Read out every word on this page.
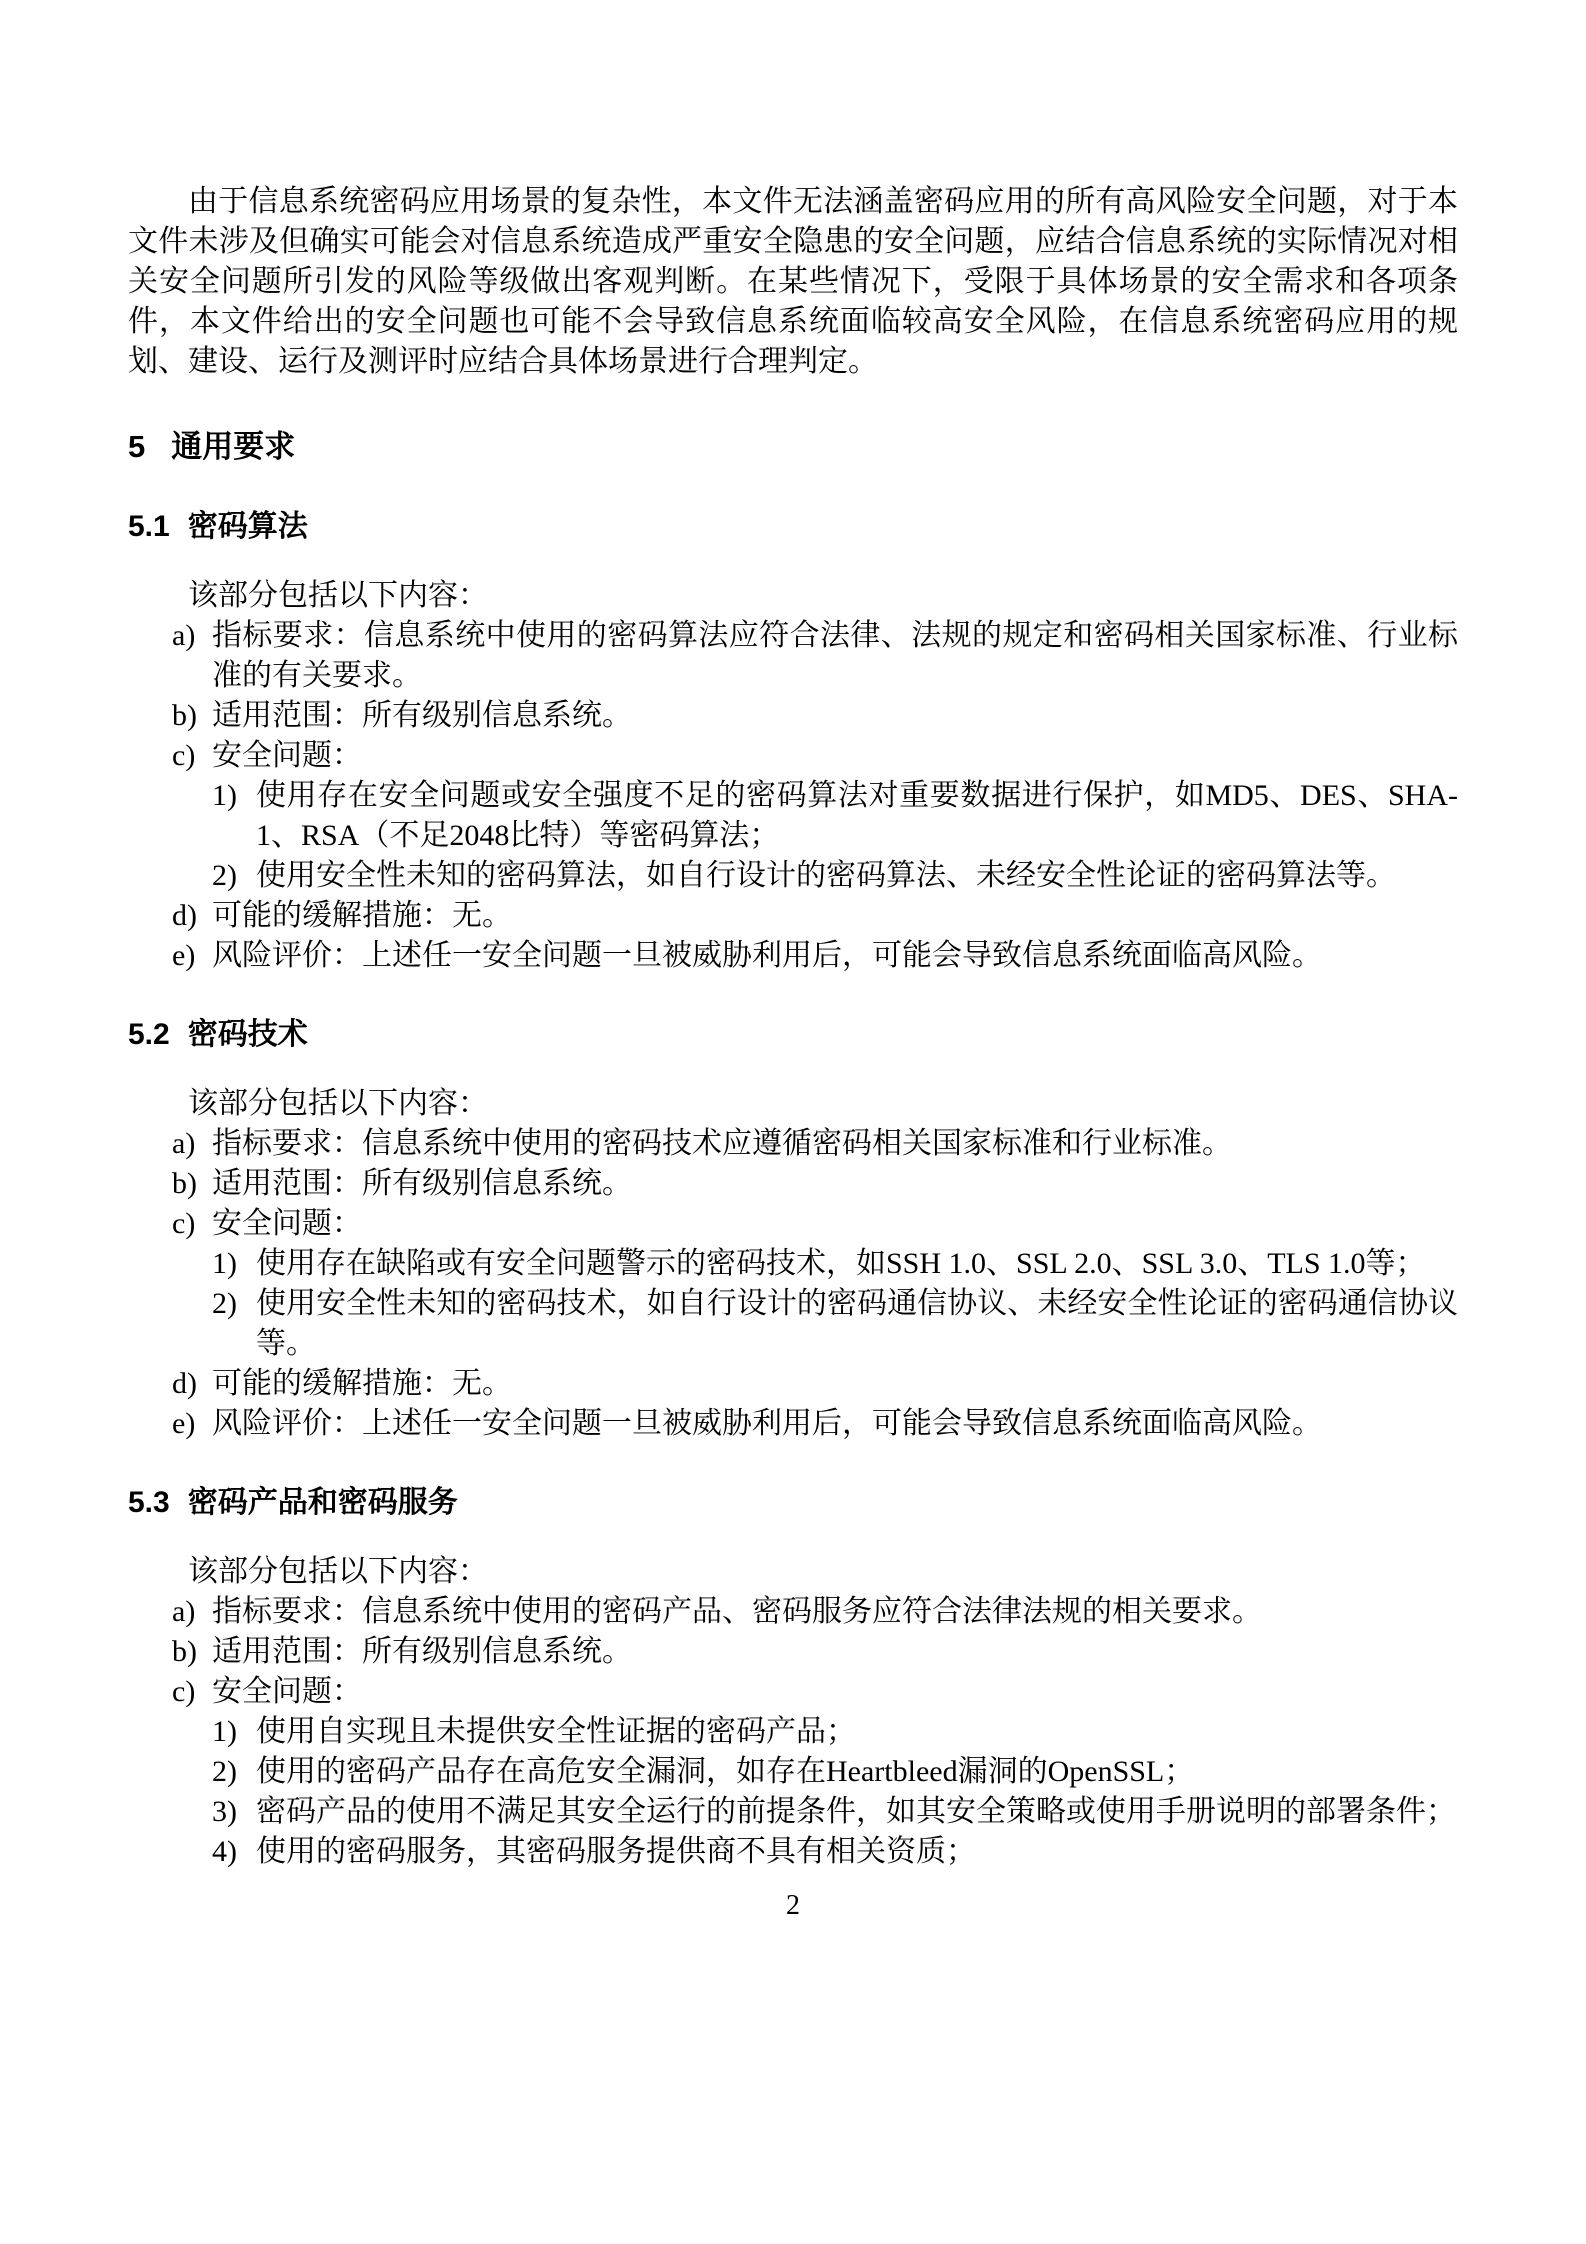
由于信息系统密码应用场景的复杂性，本文件无法涵盖密码应用的所有高风险安全问题，对于本文件未涉及但确实可能会对信息系统造成严重安全隐患的安全问题，应结合信息系统的实际情况对相关安全问题所引发的风险等级做出客观判断。在某些情况下，受限于具体场景的安全需求和各项条件，本文件给出的安全问题也可能不会导致信息系统面临较高安全风险，在信息系统密码应用的规划、建设、运行及测评时应结合具体场景进行合理判定。

5 通用要求
5.1 密码算法

该部分包括以下内容：

a) 指标要求：信息系统中使用的密码算法应符合法律、法规的规定和密码相关国家标准、行业标准的有关要求。
b) 适用范围：所有级别信息系统。
c) 安全问题：
1) 使用存在安全问题或安全强度不足的密码算法对重要数据进行保护，如MD5、DES、SHA-1、RSA（不足2048比特）等密码算法；
2) 使用安全性未知的密码算法，如自行设计的密码算法、未经安全性论证的密码算法等。
d) 可能的缓解措施：无。
e) 风险评价：上述任一安全问题一旦被威胁利用后，可能会导致信息系统面临高风险。
5.2 密码技术

该部分包括以下内容：

a) 指标要求：信息系统中使用的密码技术应遵循密码相关国家标准和行业标准。
b) 适用范围：所有级别信息系统。
c) 安全问题：
1) 使用存在缺陷或有安全问题警示的密码技术，如SSH 1.0、SSL 2.0、SSL 3.0、TLS 1.0等；
2) 使用安全性未知的密码技术，如自行设计的密码通信协议、未经安全性论证的密码通信协议等。
d) 可能的缓解措施：无。
e) 风险评价：上述任一安全问题一旦被威胁利用后，可能会导致信息系统面临高风险。
5.3 密码产品和密码服务

该部分包括以下内容：

a) 指标要求：信息系统中使用的密码产品、密码服务应符合法律法规的相关要求。
b) 适用范围：所有级别信息系统。
c) 安全问题：
1) 使用自实现且未提供安全性证据的密码产品；
2) 使用的密码产品存在高危安全漏洞，如存在Heartbleed漏洞的OpenSSL；
3) 密码产品的使用不满足其安全运行的前提条件，如其安全策略或使用手册说明的部署条件；
4) 使用的密码服务，其密码服务提供商不具有相关资质；
2
